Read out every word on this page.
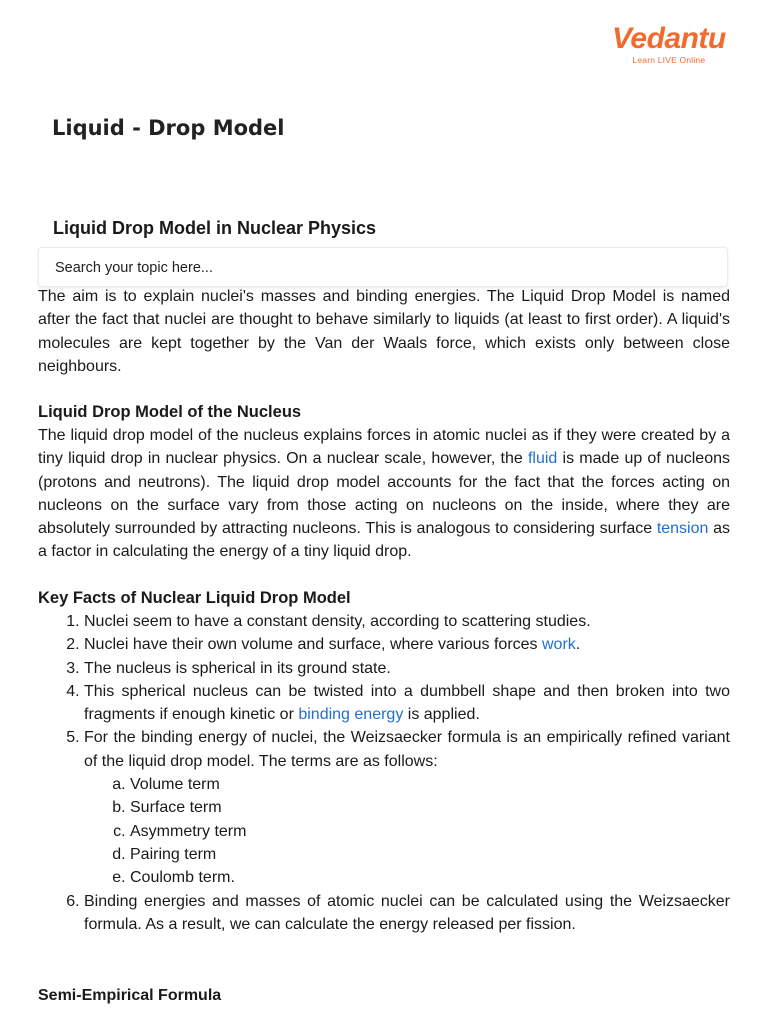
Vedantu
Learn LIVE Online
Liquid - Drop Model
Liquid Drop Model in Nuclear Physics
Search your topic here...

The aim is to explain nuclei's masses and binding energies. The Liquid Drop Model is named after the fact that nuclei are thought to behave similarly to liquids (at least to first order). A liquid's molecules are kept together by the Van der Waals force, which exists only between close neighbours.

Liquid Drop Model of the Nucleus

The liquid drop model of the nucleus explains forces in atomic nuclei as if they were created by a tiny liquid drop in nuclear physics. On a nuclear scale, however, the fluid is made up of nucleons (protons and neutrons). The liquid drop model accounts for the fact that the forces acting on nucleons on the surface vary from those acting on nucleons on the inside, where they are absolutely surrounded by attracting nucleons. This is analogous to considering surface tension as a factor in calculating the energy of a tiny liquid drop.

Key Facts of Nuclear Liquid Drop Model
1. Nuclei seem to have a constant density, according to scattering studies.
2. Nuclei have their own volume and surface, where various forces work.
3. The nucleus is spherical in its ground state.
4. This spherical nucleus can be twisted into a dumbbell shape and then broken into two fragments if enough kinetic or binding energy is applied.
5. For the binding energy of nuclei, the Weizsaecker formula is an empirically refined variant of the liquid drop model. The terms are as follows:
a. Volume term
b. Surface term
c. Asymmetry term
d. Pairing term
e. Coulomb term.
6. Binding energies and masses of atomic nuclei can be calculated using the Weizsaecker formula. As a result, we can calculate the energy released per fission.
Semi-Empirical Formula
